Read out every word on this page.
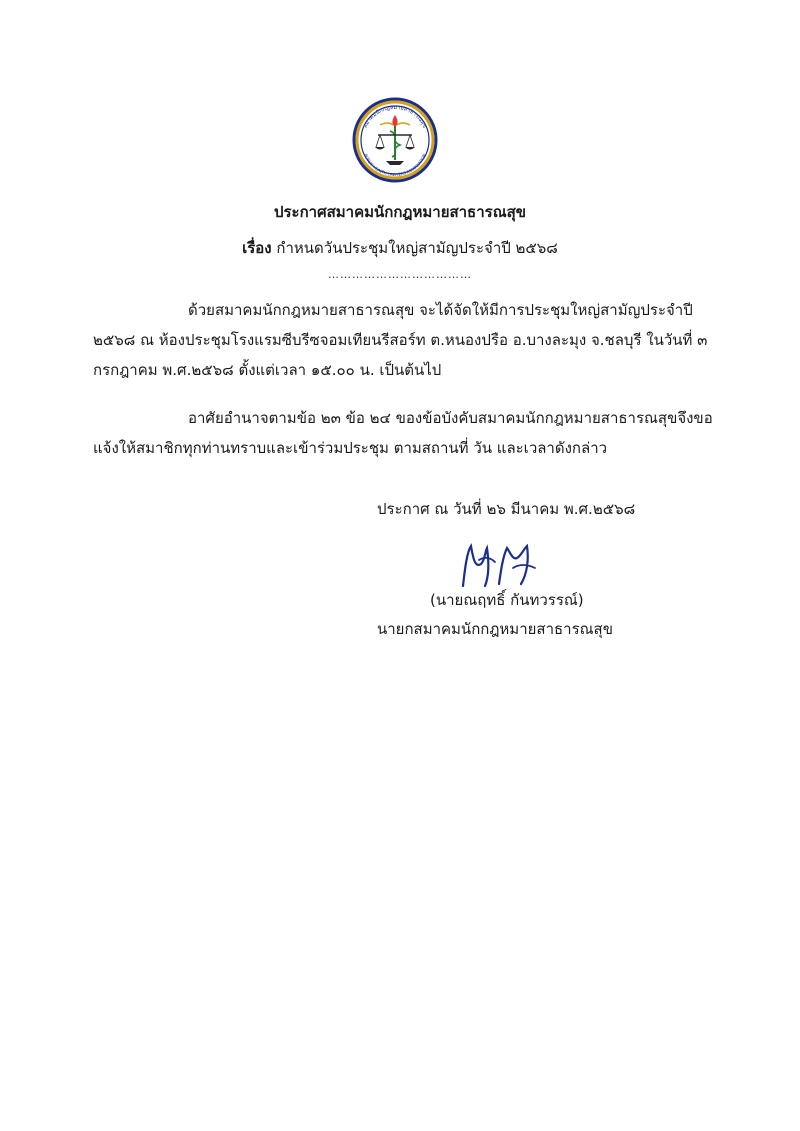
สมาคมนักกฎหมายสาธารณสุข
PUBLIC HEALTH LAWYERS ASSOCIATION
ประกาศสมาคมนักกฎหมายสาธารณสุข
เรื่อง กำหนดวันประชุมใหญ่สามัญประจำปี ๒๕๖๘
………………………………
ด้วยสมาคมนักกฎหมายสาธารณสุข จะได้จัดให้มีการประชุมใหญ่สามัญประจำปี
๒๕๖๘ ณ ห้องประชุมโรงแรมซีบรีซจอมเทียนรีสอร์ท ต.หนองปรือ อ.บางละมุง จ.ชลบุรี ในวันที่ ๓
กรกฎาคม พ.ศ.๒๕๖๘ ตั้งแต่เวลา ๑๕.๐๐ น. เป็นต้นไป
อาศัยอำนาจตามข้อ ๒๓ ข้อ ๒๔ ของข้อบังคับสมาคมนักกฎหมายสาธารณสุขจึงขอ
แจ้งให้สมาชิกทุกท่านทราบและเข้าร่วมประชุม ตามสถานที่ วัน และเวลาดังกล่าว
ประกาศ ณ วันที่ ๒๖ มีนาคม พ.ศ.๒๕๖๘
(นายณฤทธิ์ กันทวรรณ์)
นายกสมาคมนักกฎหมายสาธารณสุข
